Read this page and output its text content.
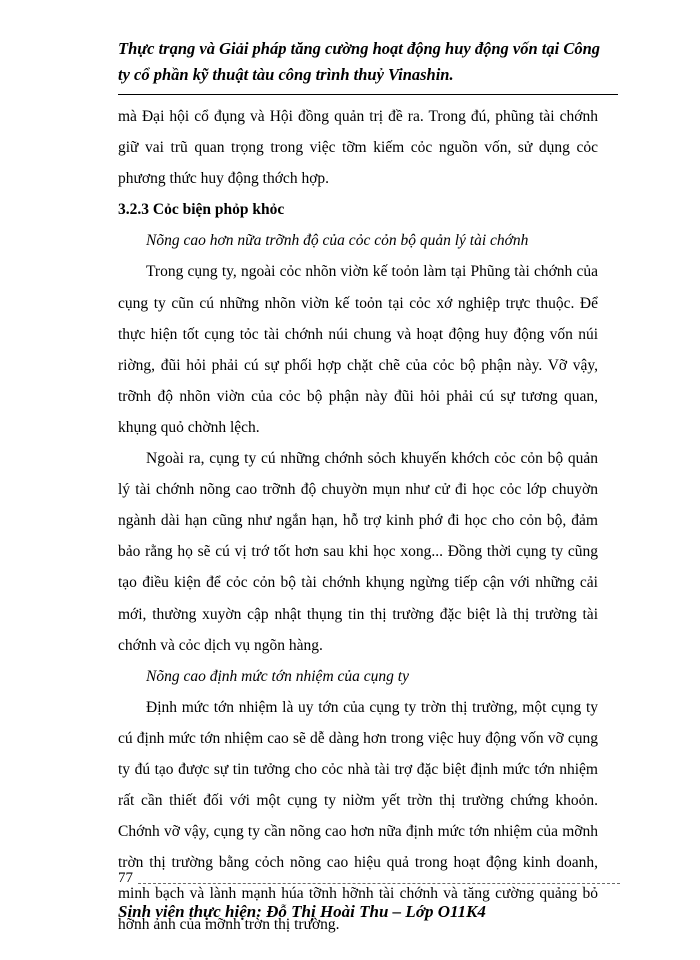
Thực trạng và Giải pháp tăng cường hoạt động huy động vốn tại Công
ty cổ phần kỹ thuật tàu công trình thuỷ Vinashin.

mà Đại hội cổ đụng và Hội đồng quản trị đề ra. Trong đú, phũng tài chớnh giữ vai trũ quan trọng trong việc tỡm kiếm cỏc nguồn vốn, sử dụng cỏc phương thức huy động thớch hợp.

3.2.3 Cỏc biện phỏp khỏc

Nõng cao hơn nữa trỡnh độ của cỏc cỏn bộ quản lý tài chớnh

Trong cụng ty, ngoài cỏc nhõn viờn kế toỏn làm tại Phũng tài chớnh của cụng ty cũn cú những nhõn viờn kế toỏn tại cỏc xớ nghiệp trực thuộc. Để thực hiện tốt cụng tỏc tài chớnh núi chung và hoạt động huy động vốn núi riờng, đũi hỏi phải cú sự phối hợp chặt chẽ của cỏc bộ phận này. Vỡ vậy, trỡnh độ nhõn viờn của cỏc bộ phận này đũi hỏi phải cú sự tương quan, khụng quỏ chờnh lệch.

Ngoài ra, cụng ty cú những chớnh sỏch khuyến khớch cỏc cỏn bộ quản lý tài chớnh nõng cao trỡnh độ chuyờn mụn như cử đi học cỏc lớp chuyờn ngành dài hạn cũng như ngắn hạn, hỗ trợ kinh phớ đi học cho cỏn bộ, đảm bảo rằng họ sẽ cú vị trớ tốt hơn sau khi học xong... Đồng thời cụng ty cũng tạo điều kiện để cỏc cỏn bộ tài chớnh khụng ngừng tiếp cận với những cải mới, thường xuyờn cập nhật thụng tin thị trường đặc biệt là thị trường tài chớnh và cỏc dịch vụ ngõn hàng.

Nõng cao định mức tớn nhiệm của cụng ty

Định mức tớn nhiệm là uy tớn của cụng ty trờn thị trường, một cụng ty cú định mức tớn nhiệm cao sẽ dễ dàng hơn trong việc huy động vốn vỡ cụng ty đú tạo được sự tin tưởng cho cỏc nhà tài trợ đặc biệt định mức tớn nhiệm rất cần thiết đối với một cụng ty niờm yết trờn thị trường chứng khoỏn. Chớnh vỡ vậy, cụng ty cần nõng cao hơn nữa định mức tớn nhiệm của mỡnh trờn thị trường bằng cỏch nõng cao hiệu quả trong hoạt động kinh doanh, minh bạch và lành mạnh húa tỡnh hỡnh tài chớnh và tăng cường quảng bỏ hỡnh ảnh của mỡnh trờn thị trường.

77
Sinh viên thực hiện: Đỗ Thị Hoài Thu – Lớp O11K4
